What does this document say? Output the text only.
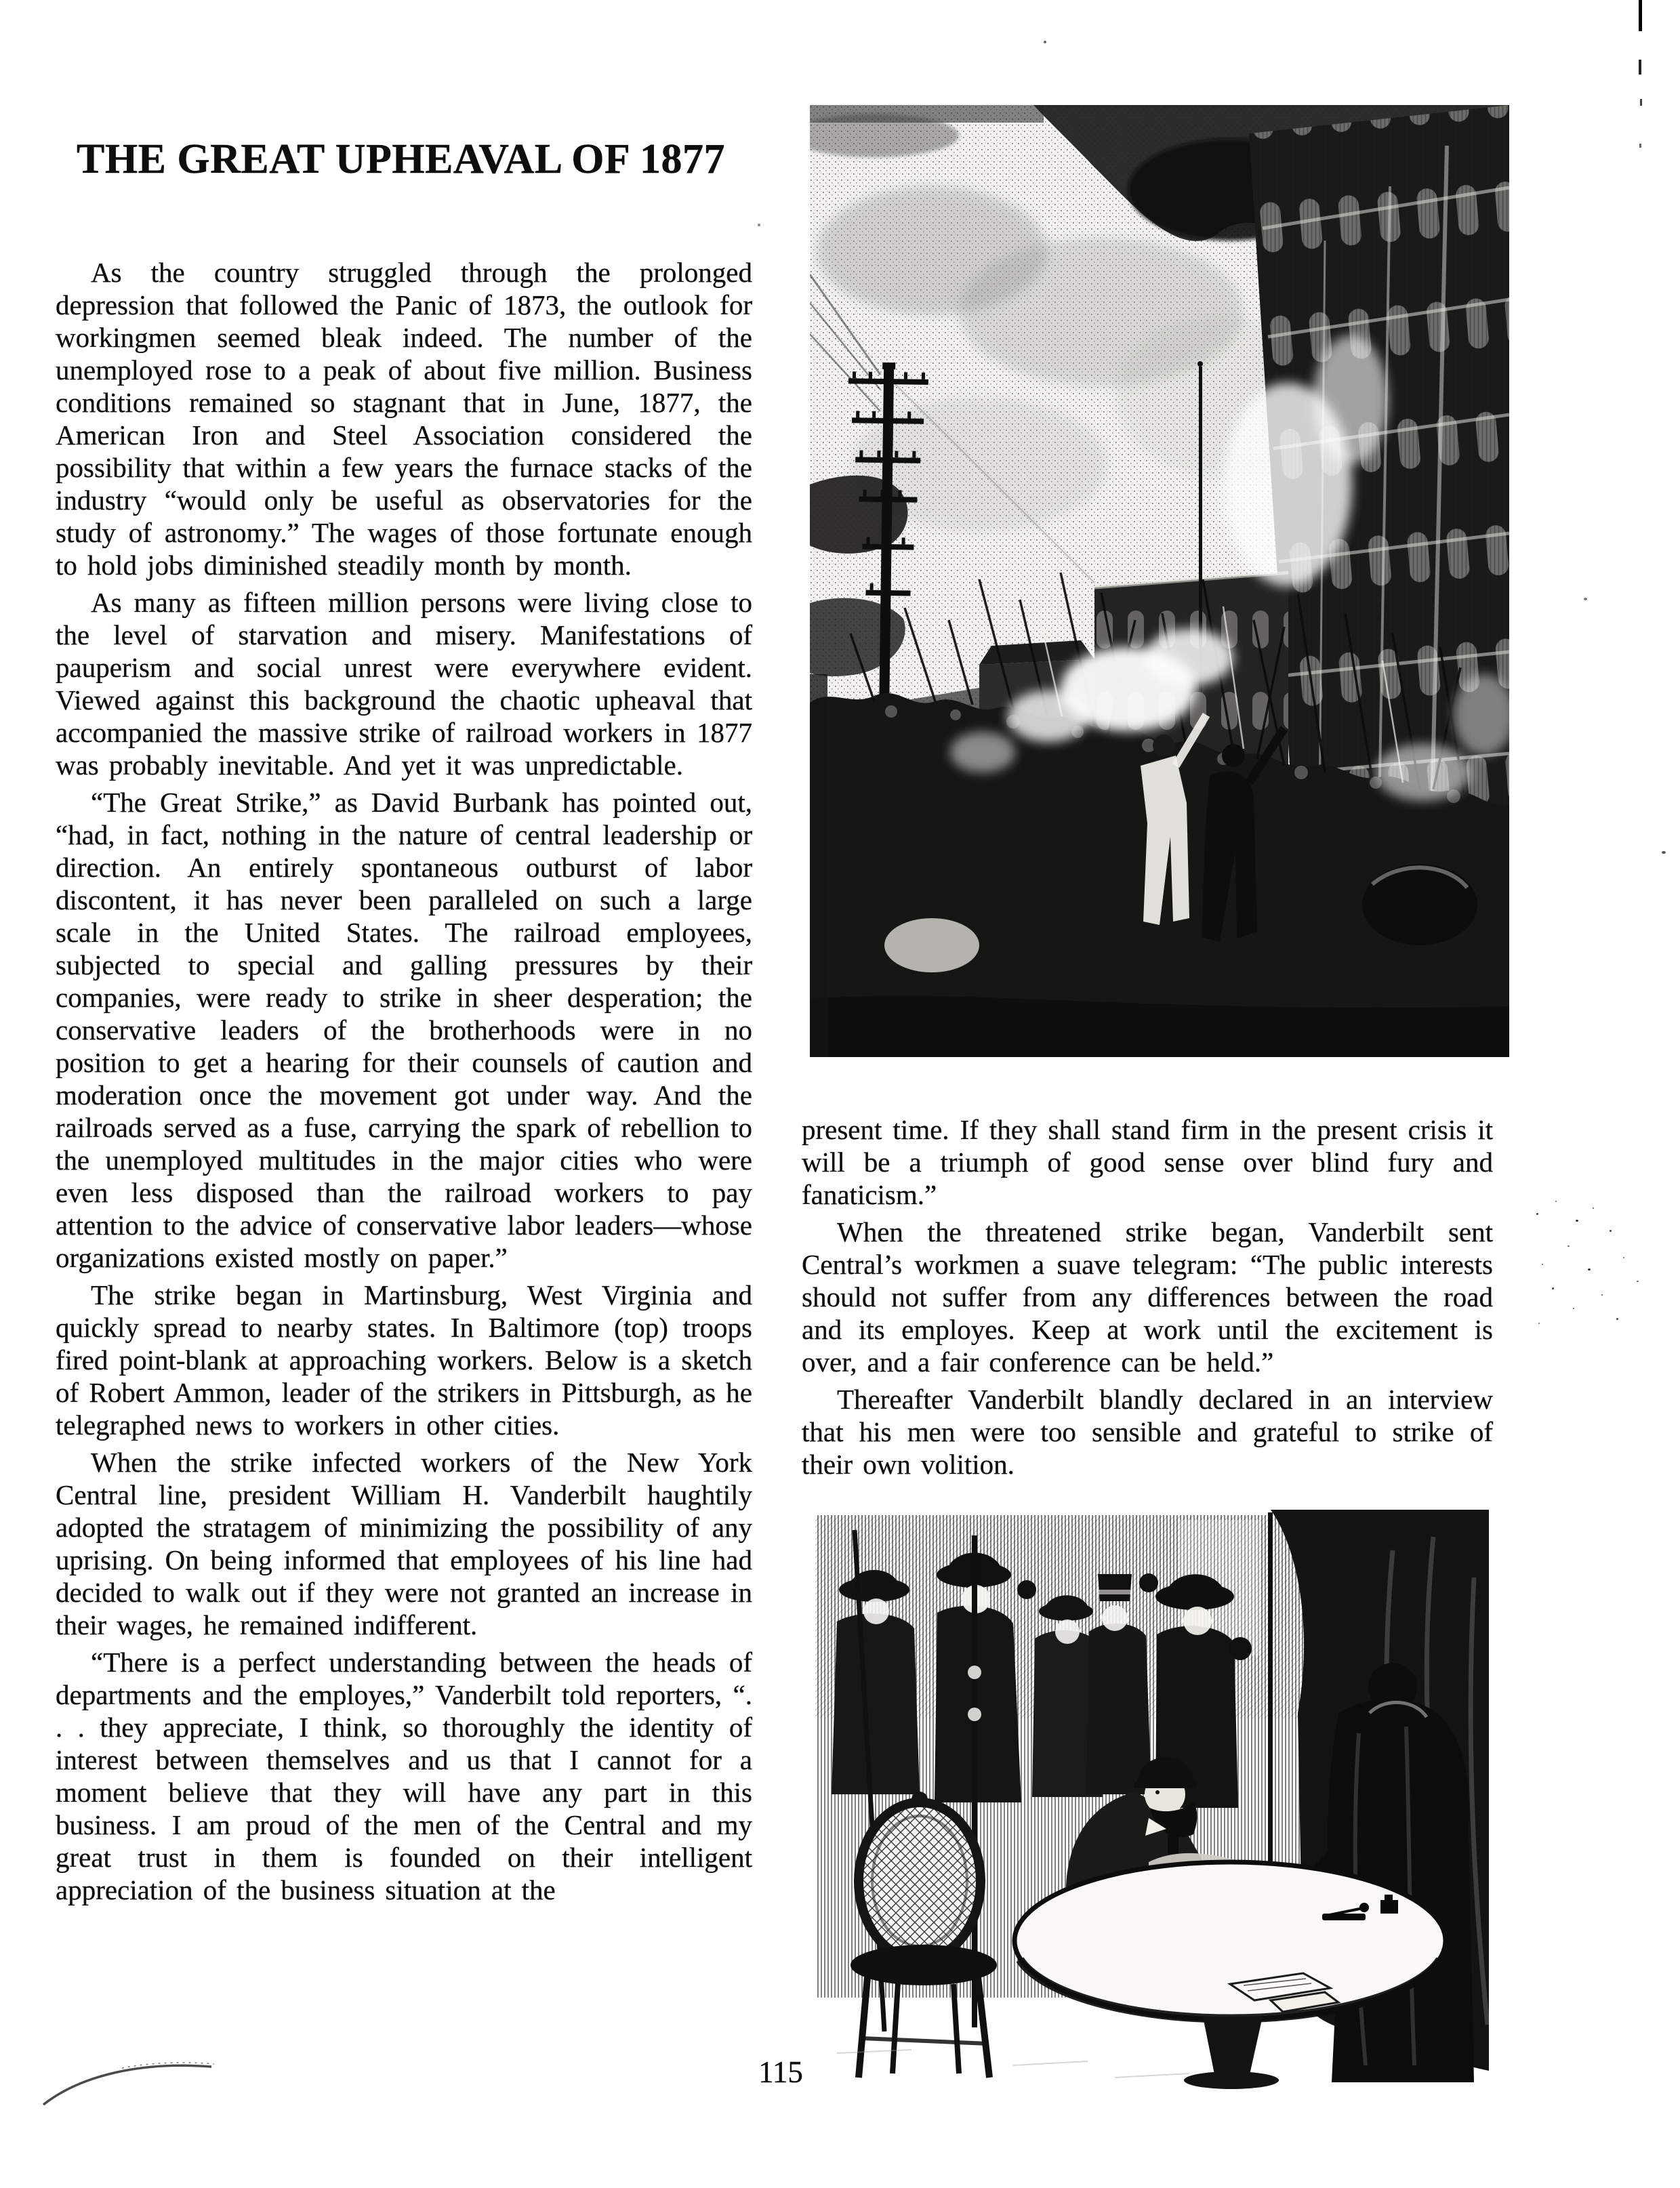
THE GREAT UPHEAVAL OF 1877

As the country struggled through the prolonged depression that followed the Panic of 1873, the outlook for workingmen seemed bleak indeed. The number of the unemployed rose to a peak of about five million. Business conditions remained so stagnant that in June, 1877, the American Iron and Steel Association considered the possibility that within a few years the furnace stacks of the industry “would only be useful as observatories for the study of astronomy.” The wages of those fortunate enough to hold jobs diminished steadily month by month.

As many as fifteen million persons were living close to the level of starvation and misery. Manifestations of pauperism and social unrest were everywhere evident. Viewed against this background the chaotic upheaval that accompanied the massive strike of railroad workers in 1877 was probably inevitable. And yet it was unpredictable.

“The Great Strike,” as David Burbank has pointed out, “had, in fact, nothing in the nature of central leadership or direction. An entirely spontaneous outburst of labor discontent, it has never been paralleled on such a large scale in the United States. The railroad employees, subjected to special and galling pressures by their companies, were ready to strike in sheer desperation; the conservative leaders of the brotherhoods were in no position to get a hearing for their counsels of caution and moderation once the movement got under way. And the railroads served as a fuse, carrying the spark of rebellion to the unemployed multitudes in the major cities who were even less disposed than the railroad workers to pay attention to the advice of conservative labor leaders—whose organizations existed mostly on paper.”

The strike began in Martinsburg, West Virginia and quickly spread to nearby states. In Baltimore (top) troops fired point-blank at approaching workers. Below is a sketch of Robert Ammon, leader of the strikers in Pittsburgh, as he telegraphed news to workers in other cities.

When the strike infected workers of the New York Central line, president William H. Vanderbilt haughtily adopted the stratagem of minimizing the possibility of any uprising. On being informed that employees of his line had decided to walk out if they were not granted an increase in their wages, he remained indifferent.

“There is a perfect understanding between the heads of departments and the employes,” Vanderbilt told reporters, “. . . they appreciate, I think, so thoroughly the identity of interest between themselves and us that I cannot for a moment believe that they will have any part in this business. I am proud of the men of the Central and my great trust in them is founded on their intelligent appreciation of the business situation at the

present time. If they shall stand firm in the present crisis it will be a triumph of good sense over blind fury and fanaticism.”

When the threatened strike began, Vanderbilt sent Central’s workmen a suave telegram: “The public interests should not suffer from any differences between the road and its employes. Keep at work until the excitement is over, and a fair conference can be held.”

Thereafter Vanderbilt blandly declared in an interview that his men were too sensible and grateful to strike of their own volition.

115
